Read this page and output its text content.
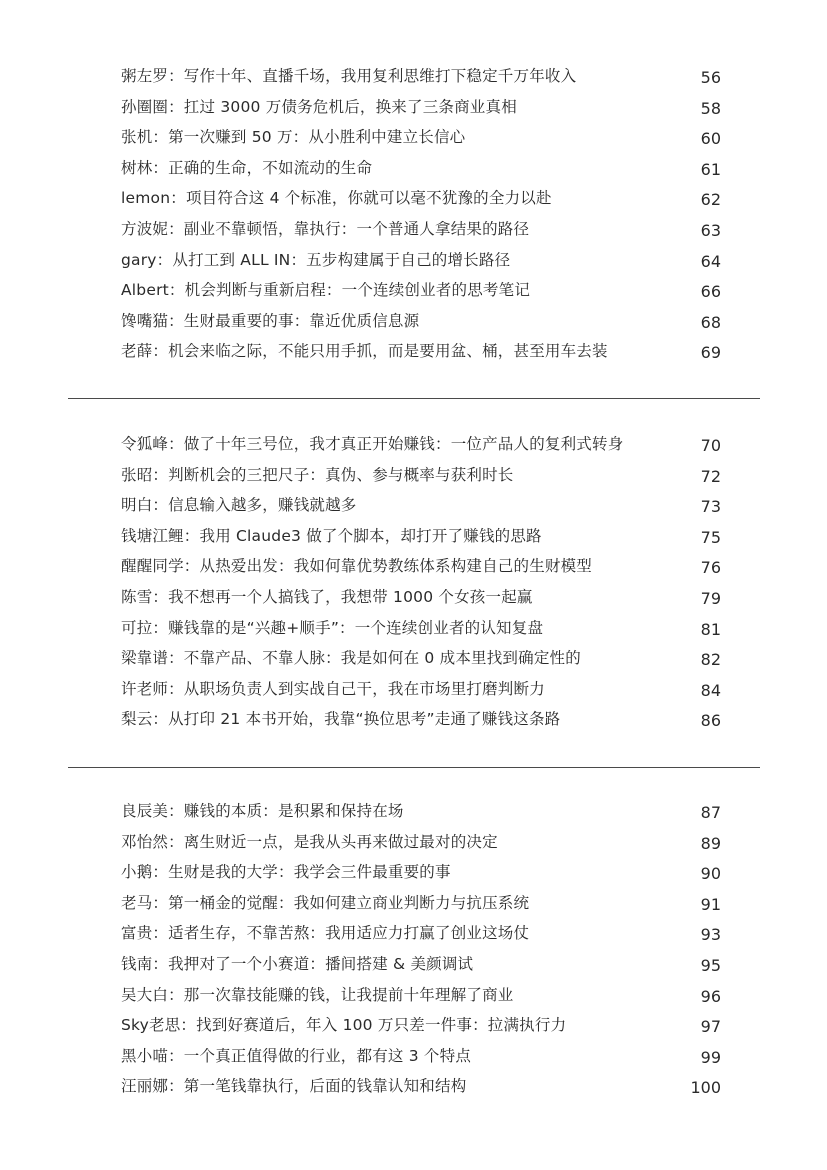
粥左罗：写作十年、直播千场，我用复利思维打下稳定千万年收入	56
孙圈圈：扛过 3000 万债务危机后，换来了三条商业真相	58
张机：第一次赚到 50 万：从小胜利中建立长信心	60
树林：正确的生命，不如流动的生命	61
lemon：项目符合这 4 个标准，你就可以毫不犹豫的全力以赴	62
方波妮：副业不靠顿悟，靠执行：一个普通人拿结果的路径	63
gary：从打工到 ALL IN：五步构建属于自己的增长路径	64
Albert：机会判断与重新启程：一个连续创业者的思考笔记	66
馋嘴猫：生财最重要的事：靠近优质信息源	68
老薛：机会来临之际，不能只用手抓，而是要用盆、桶，甚至用车去装	69
令狐峰：做了十年三号位，我才真正开始赚钱：一位产品人的复利式转身	70
张昭：判断机会的三把尺子：真伪、参与概率与获利时长	72
明白：信息输入越多，赚钱就越多	73
钱塘江鲤：我用 Claude3 做了个脚本，却打开了赚钱的思路	75
醒醒同学：从热爱出发：我如何靠优势教练体系构建自己的生财模型	76
陈雪：我不想再一个人搞钱了，我想带 1000 个女孩一起赢	79
可拉：赚钱靠的是“兴趣+顺手”：一个连续创业者的认知复盘	81
梁靠谱：不靠产品、不靠人脉：我是如何在 0 成本里找到确定性的	82
许老师：从职场负责人到实战自己干，我在市场里打磨判断力	84
梨云：从打印 21 本书开始，我靠“换位思考”走通了赚钱这条路	86
良辰美：赚钱的本质：是积累和保持在场	87
邓怡然：离生财近一点，是我从头再来做过最对的决定	89
小鹅：生财是我的大学：我学会三件最重要的事	90
老马：第一桶金的觉醒：我如何建立商业判断力与抗压系统	91
富贵：适者生存，不靠苦熬：我用适应力打赢了创业这场仗	93
钱南：我押对了一个小赛道：播间搭建 & 美颜调试	95
吴大白：那一次靠技能赚的钱，让我提前十年理解了商业	96
Sky老思：找到好赛道后，年入 100 万只差一件事：拉满执行力	97
黑小喵：一个真正值得做的行业，都有这 3 个特点	99
汪丽娜：第一笔钱靠执行，后面的钱靠认知和结构	100
